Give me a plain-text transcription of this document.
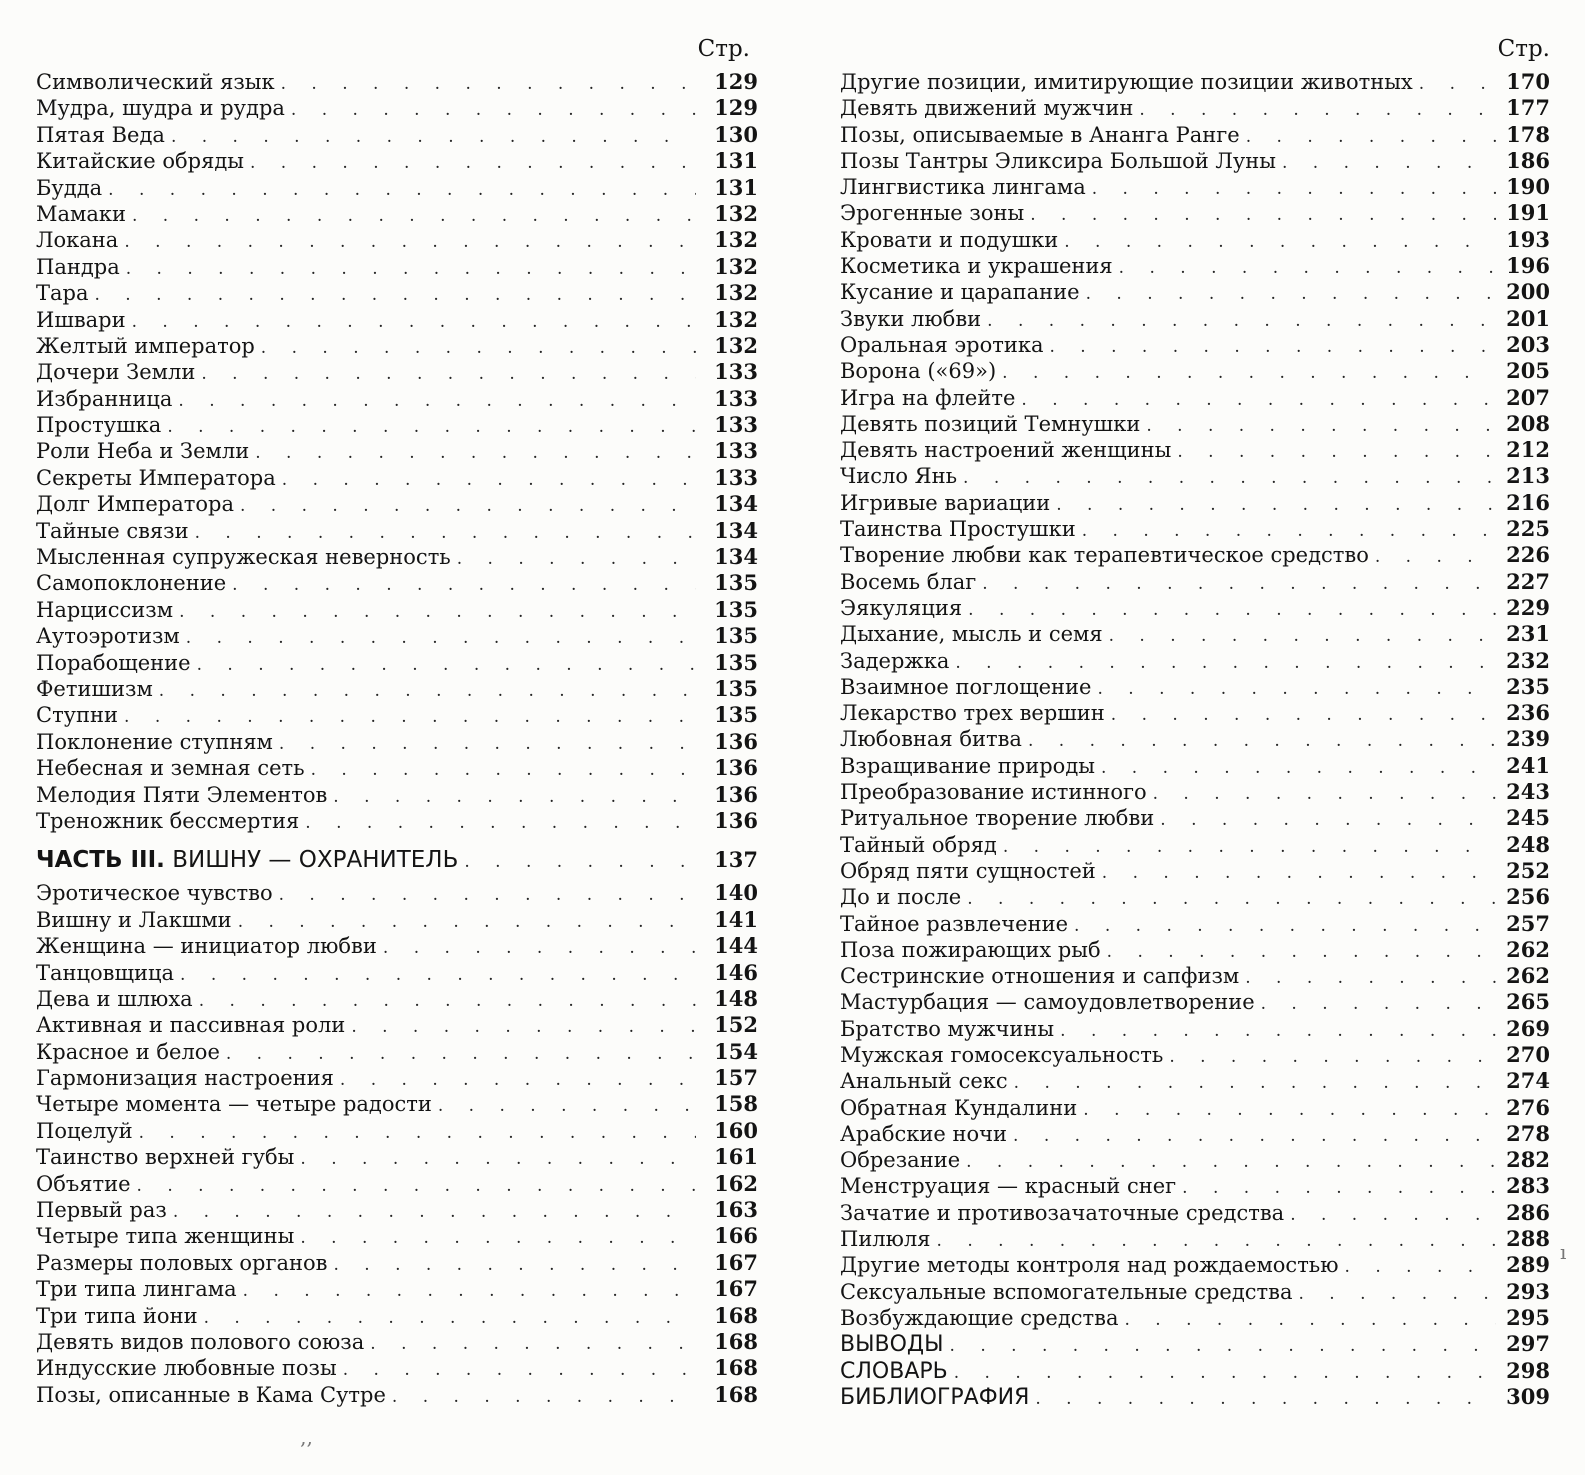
Стр.
Символический язык . . .	129
Мудра, шудра и рудра . . .	129
Пятая Веда . . .	130
Китайские обряды . . .	131
Будда . . .	131
Мамаки . . .	132
Локана . . .	132
Пандра . . .	132
Тара . . .	132
Ишвари . . .	132
Желтый император . . .	132
Дочери Земли . . .	133
Избранница . . .	133
Простушка . . .	133
Роли Неба и Земли . . .	133
Секреты Императора . . .	133
Долг Императора . . .	134
Тайные связи . . .	134
Мысленная супружеская неверность . . .	134
Самопоклонение . . .	135
Нарциссизм . . .	135
Аутоэротизм . . .	135
Порабощение . . .	135
Фетишизм . . .	135
Ступни . . .	135
Поклонение ступням . . .	136
Небесная и земная сеть . . .	136
Мелодия Пяти Элементов . . .	136
Треножник бессмертия . . .	136
ЧАСТЬ III. ВИШНУ — ОХРАНИТЕЛЬ . . .	137
Эротическое чувство . . .	140
Вишну и Лакшми . . .	141
Женщина — инициатор любви . . .	144
Танцовщица . . .	146
Дева и шлюха . . .	148
Активная и пассивная роли . . .	152
Красное и белое . . .	154
Гармонизация настроения . . .	157
Четыре момента — четыре радости . . .	158
Поцелуй . . .	160
Таинство верхней губы . . .	161
Объятие . . .	162
Первый раз . . .	163
Четыре типа женщины . . .	166
Размеры половых органов . . .	167
Три типа лингама . . .	167
Три типа йони . . .	168
Девять видов полового союза . . .	168
Индусские любовные позы . . .	168
Позы, описанные в Кама Сутре . . .	168
Стр.
Другие позиции, имитирующие позиции животных . . .	170
Девять движений мужчин . . .	177
Позы, описываемые в Ананга Ранге . . .	178
Позы Тантры Эликсира Большой Луны . . .	186
Лингвистика лингама . . .	190
Эрогенные зоны . . .	191
Кровати и подушки . . .	193
Косметика и украшения . . .	196
Кусание и царапание . . .	200
Звуки любви . . .	201
Оральная эротика . . .	203
Ворона («69») . . .	205
Игра на флейте . . .	207
Девять позиций Темнушки . . .	208
Девять настроений женщины . . .	212
Число Янь . . .	213
Игривые вариации . . .	216
Таинства Простушки . . .	225
Творение любви как терапевтическое средство . . .	226
Восемь благ . . .	227
Эякуляция . . .	229
Дыхание, мысль и семя . . .	231
Задержка . . .	232
Взаимное поглощение . . .	235
Лекарство трех вершин . . .	236
Любовная битва . . .	239
Взращивание природы . . .	241
Преобразование истинного . . .	243
Ритуальное творение любви . . .	245
Тайный обряд . . .	248
Обряд пяти сущностей . . .	252
До и после . . .	256
Тайное развлечение . . .	257
Поза пожирающих рыб . . .	262
Сестринские отношения и сапфизм . . .	262
Мастурбация — самоудовлетворение . . .	265
Братство мужчины . . .	269
Мужская гомосексуальность . . .	270
Анальный секс . . .	274
Обратная Кундалини . . .	276
Арабские ночи . . .	278
Обрезание . . .	282
Менструация — красный снег . . .	283
Зачатие и противозачаточные средства . . .	286
Пилюля . . .	288
Другие методы контроля над рождаемостью . . .	289
Сексуальные вспомогательные средства . . .	293
Возбуждающие средства . . .	295
ВЫВОДЫ . . .	297
СЛОВАРЬ . . .	298
БИБЛИОГРАФИЯ . . .	309
ı
‚‚
